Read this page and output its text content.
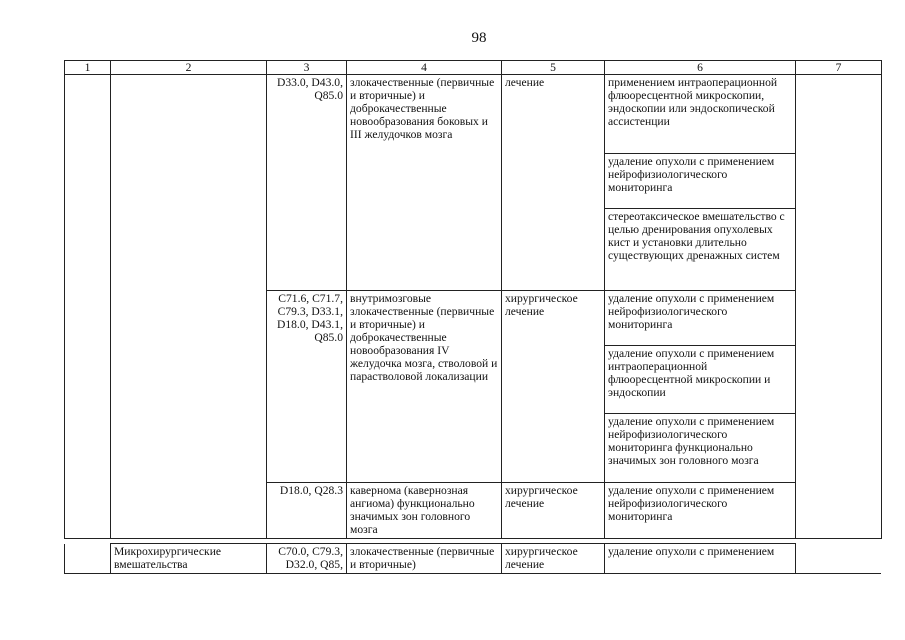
98
1	2	3	4	5	6	7
		D33.0, D43.0, Q85.0	злокачественные (первичные и вторичные) и доброкачественные новообразования боковых и III желудочков мозга	лечение	применением интраоперационной флюоресцентной микроскопии, эндоскопии или эндоскопической ассистенции	
					удаление опухоли с применением нейрофизиологического мониторинга	
					стереотаксическое вмешательство с целью дренирования опухолевых кист и установки длительно существующих дренажных систем	
		C71.6, C71.7, C79.3, D33.1, D18.0, D43.1, Q85.0	внутримозговые злокачественные (первичные и вторичные) и доброкачественные новообразования IV желудочка мозга, стволовой и парастволовой локализации	хирургическое лечение	удаление опухоли с применением нейрофизиологического мониторинга	
					удаление опухоли с применением интраоперационной флюоресцентной микроскопии и эндоскопии	
					удаление опухоли с применением нейрофизиологического мониторинга функционально значимых зон головного мозга	
		D18.0, Q28.3	кавернома (кавернозная ангиома) функционально значимых зон головного мозга	хирургическое лечение	удаление опухоли с применением нейрофизиологического мониторинга	
	Микрохирургические вмешательства	C70.0, C79.3, D32.0, Q85,	злокачественные (первичные и вторичные)	хирургическое лечение	удаление опухоли с применением	
